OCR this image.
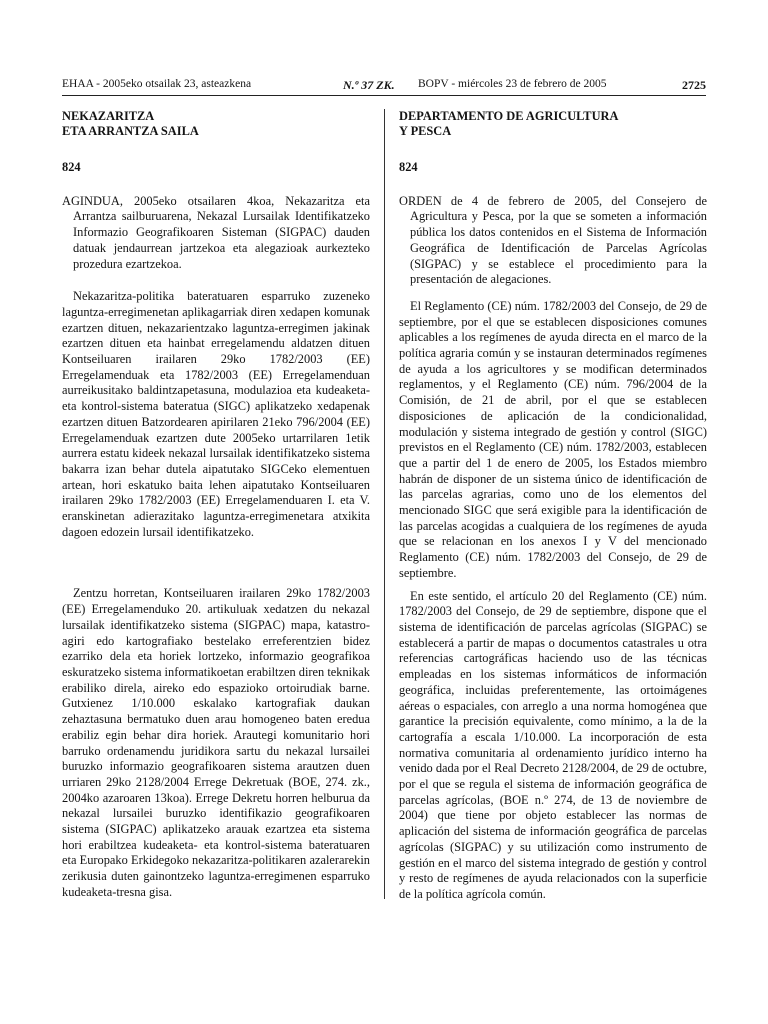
EHAA - 2005eko otsailak 23, asteazkena	N.º 37 ZK. BOPV - miércoles 23 de febrero de 2005	2725

NEKAZARITZA
ETA ARRANTZA SAILA

824

AGINDUA, 2005eko otsailaren 4koa, Nekazaritza eta Arrantza sailburuarena, Nekazal Lursailak Identifikatzeko Informazio Geografikoaren Sisteman (SIGPAC) dauden datuak jendaurrean jartzekoa eta alegazioak aurkezteko prozedura ezartzekoa.

Nekazaritza-politika bateratuaren esparruko zuzeneko laguntza-erregimenetan aplikagarriak diren xedapen komunak ezartzen dituen, nekazarientzako laguntza-erregimen jakinak ezartzen dituen eta hainbat erregelamendu aldatzen dituen Kontseiluaren irailaren 29ko 1782/2003 (EE) Erregelamenduak eta 1782/2003 (EE) Erregelamenduan aurreikusitako baldintzapetasuna, modulazioa eta kudeaketa- eta kontrol-sistema bateratua (SIGC) aplikatzeko xedapenak ezartzen dituen Batzordearen apirilaren 21eko 796/2004 (EE) Erregelamenduak ezartzen dute 2005eko urtarrilaren 1etik aurrera estatu kideek nekazal lursailak identifikatzeko sistema bakarra izan behar dutela aipatutako SIGCeko elementuen artean, hori eskatuko baita lehen aipatutako Kontseiluaren irailaren 29ko 1782/2003 (EE) Erregelamenduaren I. eta V. eranskinetan adierazitako laguntza-erregimenetara atxikita dagoen edozein lursail identifikatzeko.

Zentzu horretan, Kontseiluaren irailaren 29ko 1782/2003 (EE) Erregelamenduko 20. artikuluak xedatzen du nekazal lursailak identifikatzeko sistema (SIGPAC) mapa, katastro-agiri edo kartografiako bestelako erreferentzien bidez ezarriko dela eta horiek lortzeko, informazio geografikoa eskuratzeko sistema informatikoetan erabiltzen diren teknikak erabiliko direla, aireko edo espazioko ortoirudiak barne. Gutxienez 1/10.000 eskalako kartografiak daukan zehaztasuna bermatuko duen arau homogeneo baten eredua erabiliz egin behar dira horiek. Arautegi komunitario hori barruko ordenamendu juridikora sartu du nekazal lursailei buruzko informazio geografikoaren sistema arautzen duen urriaren 29ko 2128/2004 Errege Dekretuak (BOE, 274. zk., 2004ko azaroaren 13koa). Errege Dekretu horren helburua da nekazal lursailei buruzko identifikazio geografikoaren sistema (SIGPAC) aplikatzeko arauak ezartzea eta sistema hori erabiltzea kudeaketa- eta kontrol-sistema bateratuaren eta Europako Erkidegoko nekazaritza-politikaren azalerarekin zerikusia duten gainontzeko laguntza-erregimenen esparruko kudeaketa-tresna gisa.

DEPARTAMENTO DE AGRICULTURA
Y PESCA

824

ORDEN de 4 de febrero de 2005, del Consejero de Agricultura y Pesca, por la que se someten a información pública los datos contenidos en el Sistema de Información Geográfica de Identificación de Parcelas Agrícolas (SIGPAC) y se establece el procedimiento para la presentación de alegaciones.

El Reglamento (CE) núm. 1782/2003 del Consejo, de 29 de septiembre, por el que se establecen disposiciones comunes aplicables a los regímenes de ayuda directa en el marco de la política agraria común y se instauran determinados regímenes de ayuda a los agricultores y se modifican determinados reglamentos, y el Reglamento (CE) núm. 796/2004 de la Comisión, de 21 de abril, por el que se establecen disposiciones de aplicación de la condicionalidad, modulación y sistema integrado de gestión y control (SIGC) previstos en el Reglamento (CE) núm. 1782/2003, establecen que a partir del 1 de enero de 2005, los Estados miembro habrán de disponer de un sistema único de identificación de las parcelas agrarias, como uno de los elementos del mencionado SIGC que será exigible para la identificación de las parcelas acogidas a cualquiera de los regímenes de ayuda que se relacionan en los anexos I y V del mencionado Reglamento (CE) núm. 1782/2003 del Consejo, de 29 de septiembre.

En este sentido, el artículo 20 del Reglamento (CE) núm. 1782/2003 del Consejo, de 29 de septiembre, dispone que el sistema de identificación de parcelas agrícolas (SIGPAC) se establecerá a partir de mapas o documentos catastrales u otra referencias cartográficas haciendo uso de las técnicas empleadas en los sistemas informáticos de información geográfica, incluidas preferentemente, las ortoimágenes aéreas o espaciales, con arreglo a una norma homogénea que garantice la precisión equivalente, como mínimo, a la de la cartografía a escala 1/10.000. La incorporación de esta normativa comunitaria al ordenamiento jurídico interno ha venido dada por el Real Decreto 2128/2004, de 29 de octubre, por el que se regula el sistema de información geográfica de parcelas agrícolas, (BOE n.º 274, de 13 de noviembre de 2004) que tiene por objeto establecer las normas de aplicación del sistema de información geográfica de parcelas agrícolas (SIGPAC) y su utilización como instrumento de gestión en el marco del sistema integrado de gestión y control y resto de regímenes de ayuda relacionados con la superficie de la política agrícola común.
